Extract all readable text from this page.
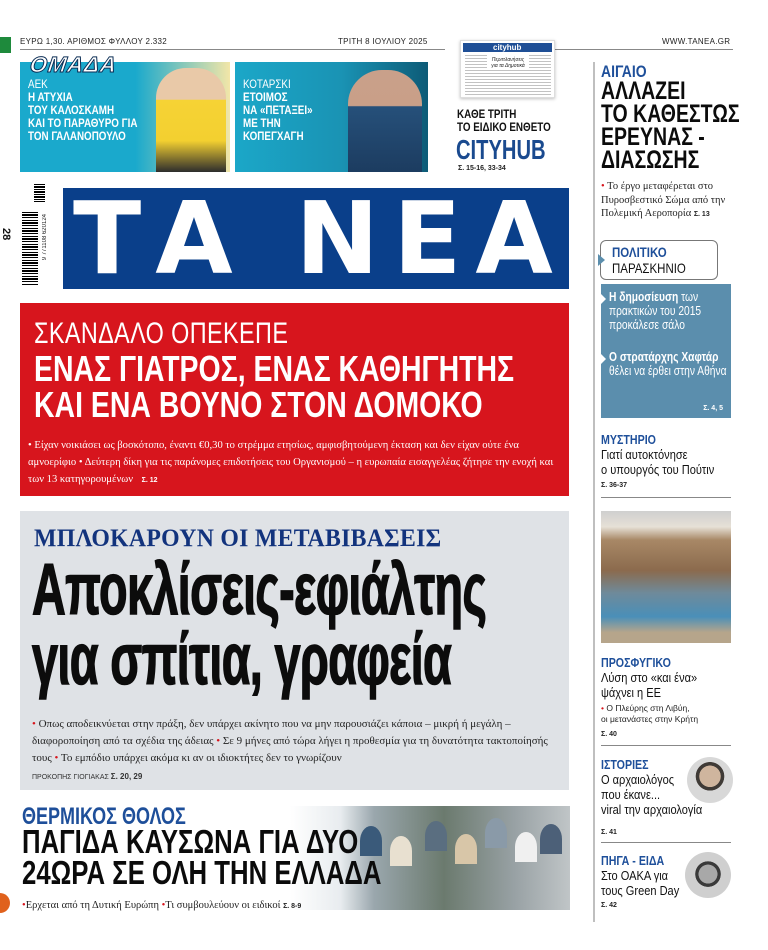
ΕΥΡΩ 1,30. ΑΡΙΘΜΟΣ ΦΥΛΛΟΥ 2.332	ΤΡΙΤΗ 8 ΙΟΥΛΙΟΥ 2025	WWW.TANEA.GR
ΑΕΚ
Η ΑΤΥΧΙΑ
ΤΟΥ ΚΑΛΟΣΚΑΜΗ
ΚΑΙ ΤΟ ΠΑΡΑΘΥΡΟ ΓΙΑ
ΤΟΝ ΓΑΛΑΝΟΠΟΥΛΟ
ΚΟΤΑΡΣΚΙ
ΕΤΟΙΜΟΣ
ΝΑ «ΠΕΤΑΞΕΙ»
ΜΕ ΤΗΝ
ΚΟΠΕΓΧΑΓΗ
ΟΜΑΔΑ	Περιπλανήσεις για τα Δημοτικά
cityhub
ΚΑΘΕ ΤΡΙΤΗ
ΤΟ ΕΙΔΙΚΟ ΕΝΘΕΤΟ
CITYHUB
Σ. 15-16, 33-34
28	9 771108 620124 ΤΑ ΝΕΑ
ΣΚΑΝΔΑΛΟ ΟΠΕΚΕΠΕ
ΕΝΑΣ ΓΙΑΤΡΟΣ, ΕΝΑΣ ΚΑΘΗΓΗΤΗΣ
ΚΑΙ ΕΝΑ ΒΟΥΝΟ ΣΤΟΝ ΔΟΜΟΚΟ
• Είχαν νοικιάσει ως βοσκότοπο, έναντι €0,30 το στρέμμα ετησίως, αμφισβητούμενη έκταση και δεν είχαν ούτε ένα αμνοερίφιο • Δεύτερη δίκη για τις παράνομες επιδοτήσεις του Οργανισμού – η ευρωπαία εισαγγελέας ζήτησε την ενοχή και των 13 κατηγορουμένων Σ. 12
ΜΠΛΟΚΑΡΟΥΝ ΟΙ ΜΕΤΑΒΙΒΑΣΕΙΣ
Αποκλίσεις-εφιάλτης
για σπίτια, γραφεία
• Οπως αποδεικνύεται στην πράξη, δεν υπάρχει ακίνητο που να μην παρουσιάζει κάποια – μικρή ή μεγάλη – διαφοροποίηση από τα σχέδια της άδειας • Σε 9 μήνες από τώρα λήγει η προθεσμία για τη δυνατότητα τακτοποίησής τους • Το εμπόδιο υπάρχει ακόμα κι αν οι ιδιοκτήτες δεν το γνωρίζουν
ΠΡΟΚΟΠΗΣ ΓΙΟΓΙΑΚΑΣ Σ. 20, 29
ΘΕΡΜΙΚΟΣ ΘΟΛΟΣ
ΠΑΓΙΔΑ ΚΑΥΣΩΝΑ ΓΙΑ ΔΥΟ
24ΩΡΑ ΣΕ ΟΛΗ ΤΗΝ ΕΛΛΑΔΑ
•Ερχεται από τη Δυτική Ευρώπη •Τι συμβουλεύουν οι ειδικοί Σ. 8-9
ΑΙΓΑΙΟ
ΑΛΛΑΖΕΙ
ΤΟ ΚΑΘΕΣΤΩΣ
ΕΡΕΥΝΑΣ -
ΔΙΑΣΩΣΗΣ
• Το έργο μεταφέρεται στο Πυροσβεστικό Σώμα από την Πολεμική Αεροπορία Σ. 13
ΠΟΛΙΤΙΚΟ
ΠΑΡΑΣΚΗΝΙΟ
Η δημοσίευση των πρακτικών του 2015 προκάλεσε σάλο
Ο στρατάρχης Χαφτάρ θέλει να έρθει στην Αθήνα
Σ. 4, 5
ΜΥΣΤΗΡΙΟ
Γιατί αυτοκτόνησε
ο υπουργός του Πούτιν
Σ. 36-37
ΠΡΟΣΦΥΓΙΚΟ
Λύση στο «και ένα»
ψάχνει η ΕΕ
• Ο Πλεύρης στη Λιβύη,
οι μετανάστες στην Κρήτη
Σ. 40
ΙΣΤΟΡΙΕΣ
Ο αρχαιολόγος
που έκανε...
viral την αρχαιολογία
Σ. 41
ΠΗΓΑ - ΕΙΔΑ
Στο ΟΑΚΑ για
τους Green Day
Σ. 42
